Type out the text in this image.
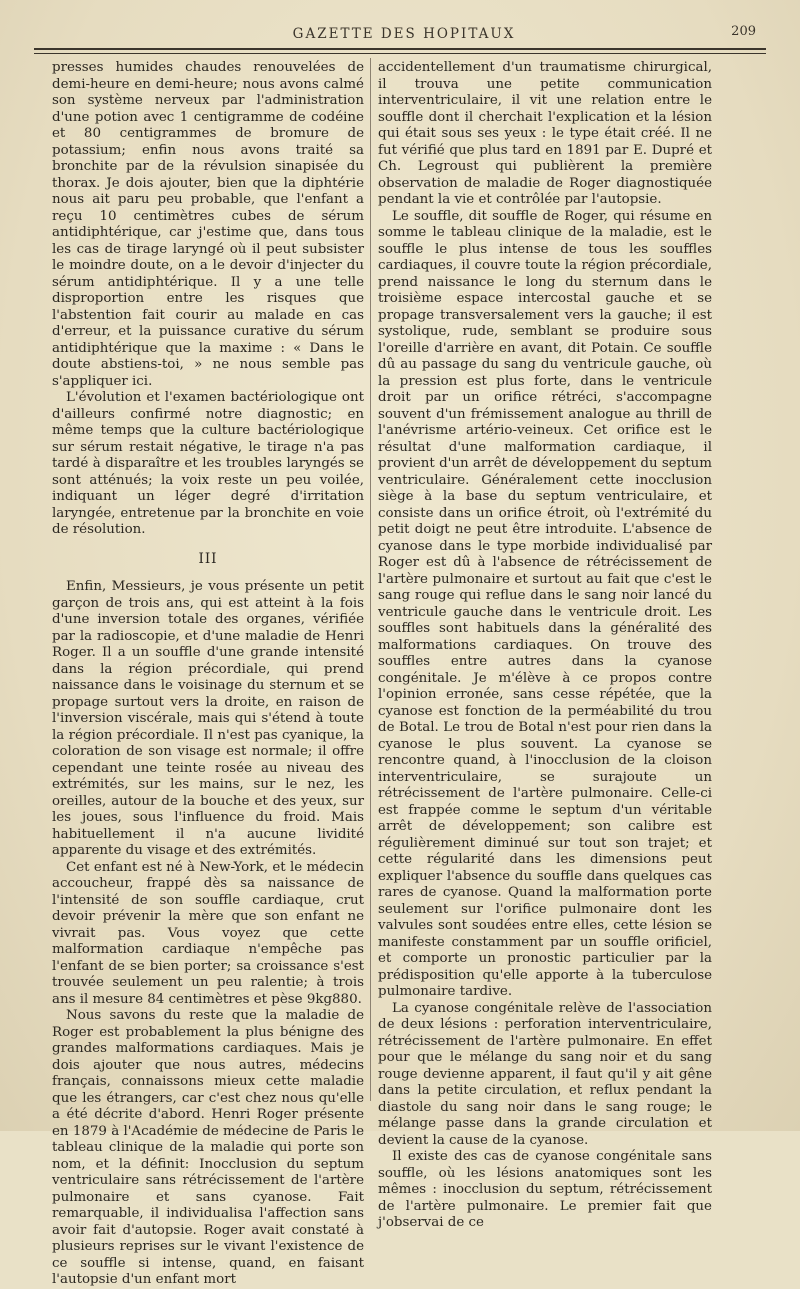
GAZETTE DES HOPITAUX	209

presses humides chaudes renouvelées de demi-heure en demi-heure; nous avons calmé son système nerveux par l'administration d'une potion avec 1 centigramme de codéine et 80 centigrammes de bromure de potassium; enfin nous avons traité sa bronchite par de la révulsion sinapisée du thorax. Je dois ajouter, bien que la diphtérie nous ait paru peu probable, que l'enfant a reçu 10 centimètres cubes de sérum antidiphtérique, car j'estime que, dans tous les cas de tirage laryngé où il peut subsister le moindre doute, on a le devoir d'injecter du sérum antidiphtérique. Il y a une telle disproportion entre les risques que l'abstention fait courir au malade en cas d'erreur, et la puissance curative du sérum antidiphtérique que la maxime : « Dans le doute abstiens-toi, » ne nous semble pas s'appliquer ici.

L'évolution et l'examen bactériologique ont d'ailleurs confirmé notre diagnostic; en même temps que la culture bactériologique sur sérum restait négative, le tirage n'a pas tardé à disparaître et les troubles laryngés se sont atténués; la voix reste un peu voilée, indiquant un léger degré d'irritation laryngée, entretenue par la bronchite en voie de résolution.

III

Enfin, Messieurs, je vous présente un petit garçon de trois ans, qui est atteint à la fois d'une inversion totale des organes, vérifiée par la radioscopie, et d'une maladie de Henri Roger. Il a un souffle d'une grande intensité dans la région précordiale, qui prend naissance dans le voisinage du sternum et se propage surtout vers la droite, en raison de l'inversion viscérale, mais qui s'étend à toute la région précordiale. Il n'est pas cyanique, la coloration de son visage est normale; il offre cependant une teinte rosée au niveau des extrémités, sur les mains, sur le nez, les oreilles, autour de la bouche et des yeux, sur les joues, sous l'influence du froid. Mais habituellement il n'a aucune lividité apparente du visage et des extrémités.

Cet enfant est né à New-York, et le médecin accoucheur, frappé dès sa naissance de l'intensité de son souffle cardiaque, crut devoir prévenir la mère que son enfant ne vivrait pas. Vous voyez que cette malformation cardiaque n'empêche pas l'enfant de se bien porter; sa croissance s'est trouvée seulement un peu ralentie; à trois ans il mesure 84 centimètres et pèse 9kg880.

Nous savons du reste que la maladie de Roger est probablement la plus bénigne des grandes malformations cardiaques. Mais je dois ajouter que nous autres, médecins français, connaissons mieux cette maladie que les étrangers, car c'est chez nous qu'elle a été décrite d'abord. Henri Roger présente en 1879 à l'Académie de médecine de Paris le tableau clinique de la maladie qui porte son nom, et la définit: Inocclusion du septum ventriculaire sans rétrécissement de l'artère pulmonaire et sans cyanose. Fait remarquable, il individualisa l'affection sans avoir fait d'autopsie. Roger avait constaté à plusieurs reprises sur le vivant l'existence de ce souffle si intense, quand, en faisant l'autopsie d'un enfant mort

accidentellement d'un traumatisme chirurgical, il trouva une petite communication interventriculaire, il vit une relation entre le souffle dont il cherchait l'explication et la lésion qui était sous ses yeux : le type était créé. Il ne fut vérifié que plus tard en 1891 par E. Dupré et Ch. Legroust qui publièrent la première observation de maladie de Roger diagnostiquée pendant la vie et contrôlée par l'autopsie.

Le souffle, dit souffle de Roger, qui résume en somme le tableau clinique de la maladie, est le souffle le plus intense de tous les souffles cardiaques, il couvre toute la région précordiale, prend naissance le long du sternum dans le troisième espace intercostal gauche et se propage transversalement vers la gauche; il est systolique, rude, semblant se produire sous l'oreille d'arrière en avant, dit Potain. Ce souffle dû au passage du sang du ventricule gauche, où la pression est plus forte, dans le ventricule droit par un orifice rétréci, s'accompagne souvent d'un frémissement analogue au thrill de l'anévrisme artério-veineux. Cet orifice est le résultat d'une malformation cardiaque, il provient d'un arrêt de développement du septum ventriculaire. Généralement cette inocclusion siège à la base du septum ventriculaire, et consiste dans un orifice étroit, où l'extrémité du petit doigt ne peut être introduite. L'absence de cyanose dans le type morbide individualisé par Roger est dû à l'absence de rétrécissement de l'artère pulmonaire et surtout au fait que c'est le sang rouge qui reflue dans le sang noir lancé du ventricule gauche dans le ventricule droit. Les souffles sont habituels dans la généralité des malformations cardiaques. On trouve des souffles entre autres dans la cyanose congénitale. Je m'élève à ce propos contre l'opinion erronée, sans cesse répétée, que la cyanose est fonction de la perméabilité du trou de Botal. Le trou de Botal n'est pour rien dans la cyanose le plus souvent. La cyanose se rencontre quand, à l'inocclusion de la cloison interventriculaire, se surajoute un rétrécissement de l'artère pulmonaire. Celle-ci est frappée comme le septum d'un véritable arrêt de développement; son calibre est régulièrement diminué sur tout son trajet; et cette régularité dans les dimensions peut expliquer l'absence du souffle dans quelques cas rares de cyanose. Quand la malformation porte seulement sur l'orifice pulmonaire dont les valvules sont soudées entre elles, cette lésion se manifeste constamment par un souffle orificiel, et comporte un pronostic particulier par la prédisposition qu'elle apporte à la tuberculose pulmonaire tardive.

La cyanose congénitale relève de l'association de deux lésions : perforation interventriculaire, rétrécissement de l'artère pulmonaire. En effet pour que le mélange du sang noir et du sang rouge devienne apparent, il faut qu'il y ait gêne dans la petite circulation, et reflux pendant la diastole du sang noir dans le sang rouge; le mélange passe dans la grande circulation et devient la cause de la cyanose.

Il existe des cas de cyanose congénitale sans souffle, où les lésions anatomiques sont les mêmes : inocclusion du septum, rétrécissement de l'artère pulmonaire. Le premier fait que j'observai de ce
